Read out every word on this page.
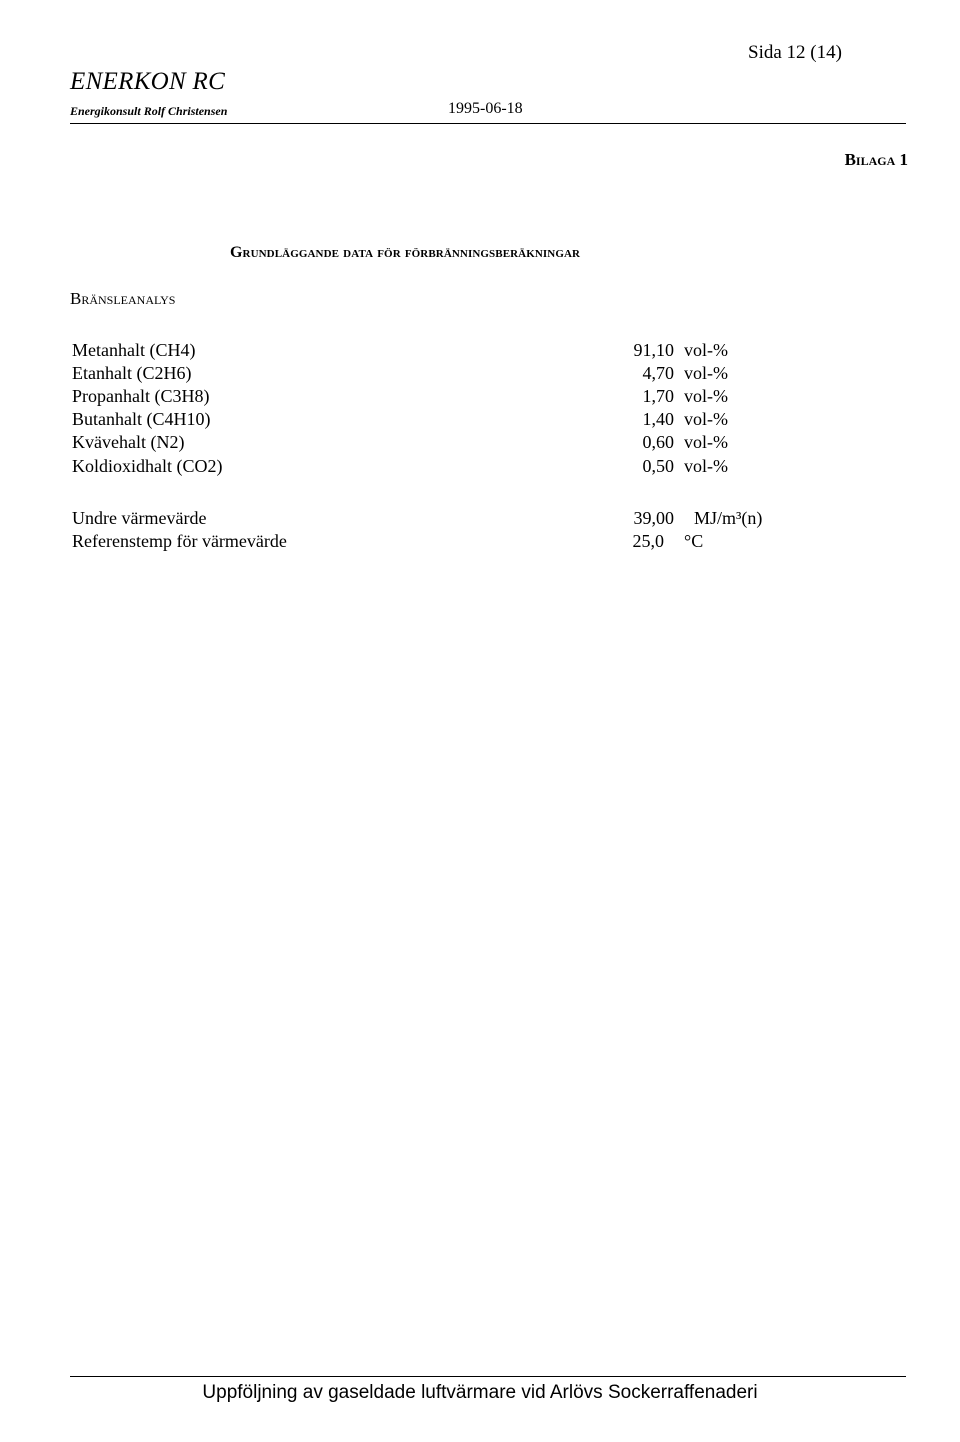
ENERKON RC
Energikonsult Rolf Christensen	1995-06-18
Sida 12 (14)
Bilaga 1
Grundläggande data för förbränningsberäkningar
Bränsleanalys
Metanhalt (CH4)	91,10 vol-%
Etanhalt (C2H6)	4,70 vol-%
Propanhalt (C3H8)	1,70 vol-%
Butanhalt (C4H10)	1,40 vol-%
Kvävehalt (N2)	0,60 vol-%
Koldioxidhalt (CO2)	0,50 vol-%
Undre värmevärde	39,00 MJ/m³(n)
Referenstemp för värmevärde	25,0 °C
Uppföljning av gaseldade luftvärmare vid Arlövs Sockerraffenaderi
